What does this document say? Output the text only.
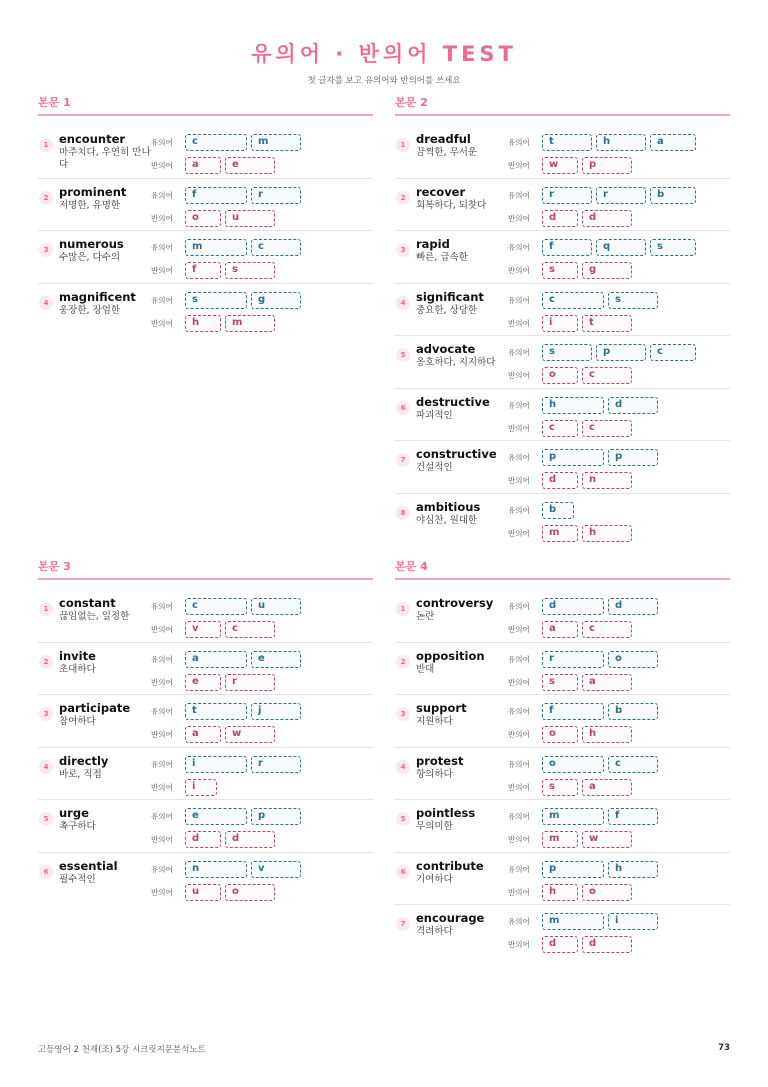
유의어 · 반의어 TEST
첫 글자를 보고 유의어와 반의어를 쓰세요
본문 1
1 encounter
마주치다, 우연히 만나다
유의어	c	m
반의어	a	e
2 prominent
저명한, 유명한
유의어	f	r
반의어	o	u
3 numerous
수많은, 다수의
유의어	m	c
반의어	f	s
4 magnificent
웅장한, 장엄한
유의어	s	g
반의어	h	m
본문 2
1 dreadful
끔찍한, 무서운
유의어	t	h	a
반의어	w	p
2 recover
회복하다, 되찾다
유의어	r	r	b
반의어	d	d
3 rapid
빠른, 급속한
유의어	f	q	s
반의어	s	g
4 significant
중요한, 상당한
유의어	c	s
반의어	i	t
5 advocate
옹호하다, 지지하다
유의어	s	p	c
반의어	o	c
6 destructive
파괴적인
유의어	h	d
반의어	c	c
7 constructive
건설적인
유의어	p	p
반의어	d	n
8 ambitious
야심찬, 원대한
유의어	b
반의어	m	h
본문 3
1 constant
끊임없는, 일정한
유의어	c	u
반의어	v	c
2 invite
초대하다
유의어	a	e
반의어	e	r
3 participate
참여하다
유의어	t	j
반의어	a	w
4 directly
바로, 직접
유의어	i	r
반의어	i
5 urge
촉구하다
유의어	e	p
반의어	d	d
6 essential
필수적인
유의어	n	v
반의어	u	o
본문 4
1 controversy
논란
유의어	d	d
반의어	a	c
2 opposition
반대
유의어	r	o
반의어	s	a
3 support
지원하다
유의어	f	b
반의어	o	h
4 protest
항의하다
유의어	o	c
반의어	s	a
5 pointless
무의미한
유의어	m	f
반의어	m	w
6 contribute
기여하다
유의어	p	h
반의어	h	o
7 encourage
격려하다
유의어	m	i
반의어	d	d
고등영어 2 천재(조) 5강 시크릿지문분석노트	73
